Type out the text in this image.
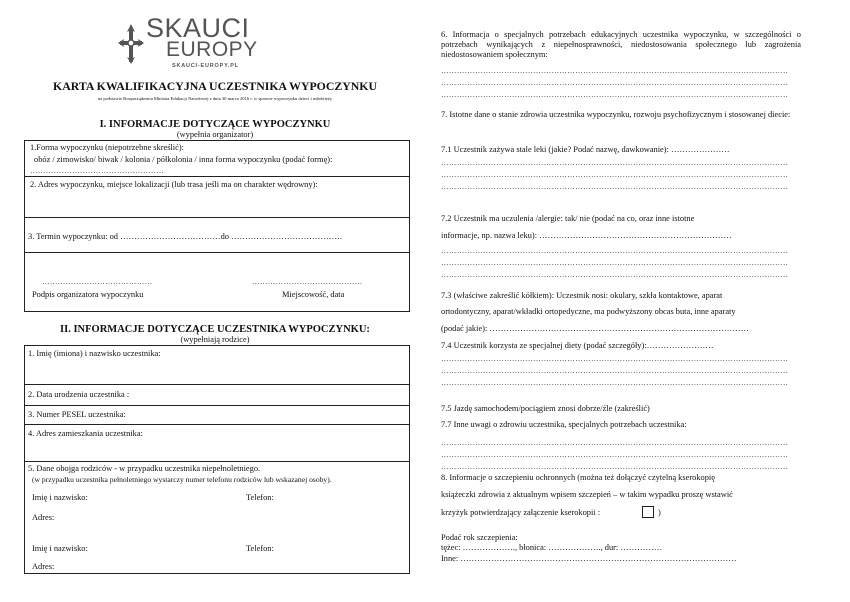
SKAUCI
EUROPY
SKAUCI-EUROPY.PL
KARTA KWALIFIKACYJNA UCZESTNIKA WYPOCZYNKU
na podstawie Rozporządzenia Ministra Edukacji Narodowej z dnia 30 marca 2016 r. w sprawie wypoczynku dzieci i młodzieży
I. INFORMACJE DOTYCZĄCE WYPOCZYNKU
(wypełnia organizator)
1.Forma wypoczynku (niepotrzebne skreślić):
obóz / zimowisko/ biwak / kolonia / półkolonia / inna forma wypoczynku (podać formę):
……………………………………………
2. Adres wypoczynku, miejsce lokalizacji (lub trasa jeśli ma on charakter wędrowny):
3. Termin wypoczynku: od ………………………………do ………………………………….
……………………………………	……………………………………
Podpis organizatora wypoczynku	Miejscowość, data
II. INFORMACJE DOTYCZĄCE UCZESTNIKA WYPOCZYNKU:
(wypełniają rodzice)
1. Imię (imiona) i nazwisko uczestnika:
2. Data urodzenia uczestnika :
3. Numer PESEL uczestnika:
4. Adres zamieszkania uczestnika:
5. Dane obojga rodziców - w przypadku uczestnika niepełnoletniego.
(w przypadku uczestnika pełnoletniego wystarczy numer telefonu rodziców lub wskazanej osoby).
Imię i nazwisko:	Telefon:
Adres:
Imię i nazwisko:	Telefon:
Adres:
6. Informacja o specjalnych potrzebach edukacyjnych uczestnika wypoczynku, w szczególności o potrzebach wynikających z niepełnosprawności, niedostosowania społecznego lub zagrożenia niedostosowaniem społecznym:
……………………………………………………………………………………………………………………
……………………………………………………………………………………………………………………
……………………………………………………………………………………………………………………
7. Istotne dane o stanie zdrowia uczestnika wypoczynku, rozwoju psychofizycznym i stosowanej diecie:
7.1 Uczestnik zażywa stale leki (jakie? Podać nazwę, dawkowanie): …………………
……………………………………………………………………………………………………………………
……………………………………………………………………………………………………………………
……………………………………………………………………………………………………………………
7.2 Uczestnik ma uczulenia /alergie: tak/ nie (podać na co, oraz inne istotne
informacje, np. nazwa leku): ……………………………………………………………
……………………………………………………………………………………………………………………
……………………………………………………………………………………………………………………
……………………………………………………………………………………………………………………
7.3 (właściwe zakreślić kółkiem): Uczestnik nosi: okulary, szkła kontaktowe, aparat
ortodontyczny, aparat/wkładki ortopedyczne, ma podwyższony obcas buta, inne aparaty
(podać jakie): …………………………………………………………………………………
7.4 Uczestnik korzysta ze specjalnej diety (podać szczegóły):……………………
……………………………………………………………………………………………………………………
……………………………………………………………………………………………………………………
……………………………………………………………………………………………………………………
7.5 Jazdę samochodem/pociągiem znosi dobrze/źle (zakreślić)
7.7 Inne uwagi o zdrowiu uczestnika, specjalnych potrzebach uczestnika:
……………………………………………………………………………………………………………………
……………………………………………………………………………………………………………………
……………………………………………………………………………………………………………………
8. Informacje o szczepieniu ochronnych (można też dołączyć czytelną kserokopię
książeczki zdrowia z aktualnym wpisem szczepień – w takim wypadku proszę wstawić
krzyżyk potwierdzający załączenie kserokopii :	)
Podać rok szczepienia:
tężec: ………………., błonica: ………………., dur: ……………
Inne: ………………………………………………………………………………………
